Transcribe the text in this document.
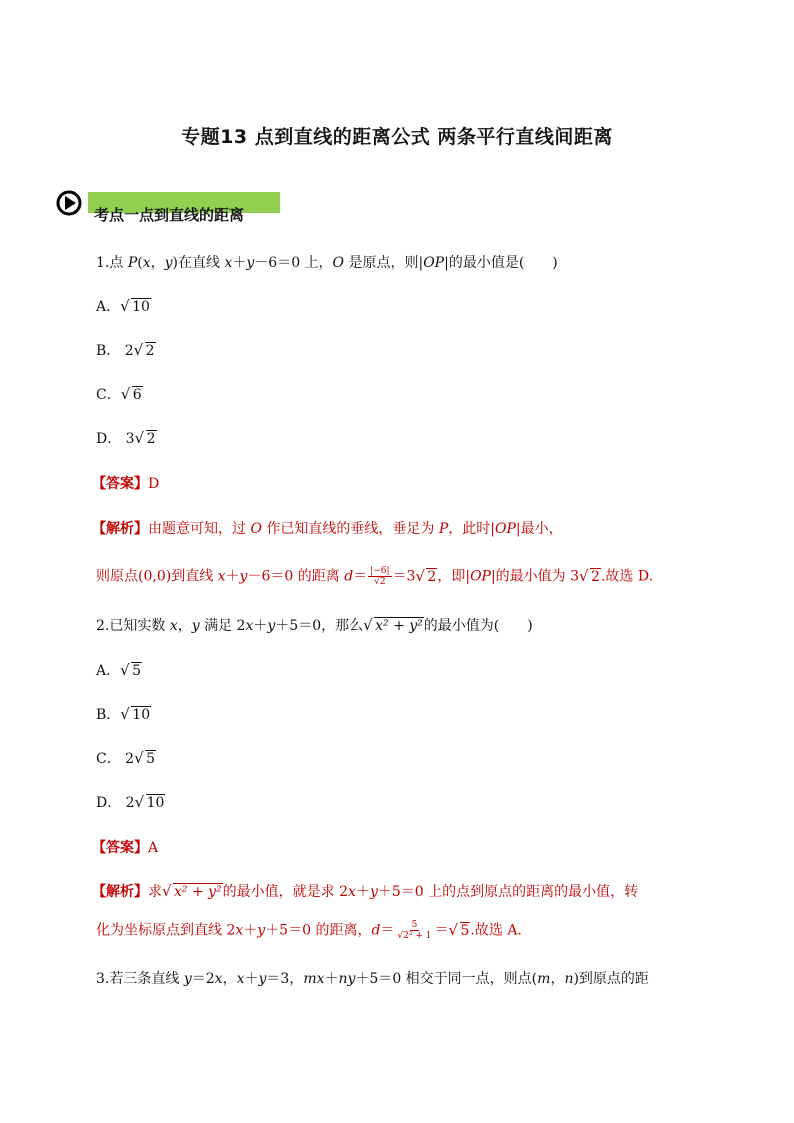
专题13 点到直线的距离公式 两条平行直线间距离
考点一点到直线的距离
1.点 P(x，y)在直线 x＋y－6＝0 上，O 是原点，则|OP|的最小值是(　　)
A．√ 10
B． 2√ 2
C．√ 6
D． 3√ 2
【答案】D
【解析】由题意可知，过 O 作已知直线的垂线，垂足为 P，此时|OP|最小，
则原点(0,0)到直线 x＋y－6＝0 的距离 $d= \frac{|-6|}{√2} =3√$ 2，即|OP|的最小值为 3√ 2.故选 D.
2.已知实数 x，y 满足 2x＋y＋5＝0，那么√ x² + y²的最小值为(　　)
A．√ 5
B．√ 10
C． 2√ 5
D． 2√ 10
【答案】A
【解析】求√ x² + y²的最小值，就是求 2x＋y＋5＝0 上的点到原点的距离的最小值，转
化为坐标原点到直线 2x＋y＋5＝0 的距离，$d= \frac{5}{\text{√2² + 1}}$ ＝√ 5.故选 A.
3.若三条直线 y＝2x，x＋y＝3，mx＋ny＋5＝0 相交于同一点，则点(m，n)到原点的距
